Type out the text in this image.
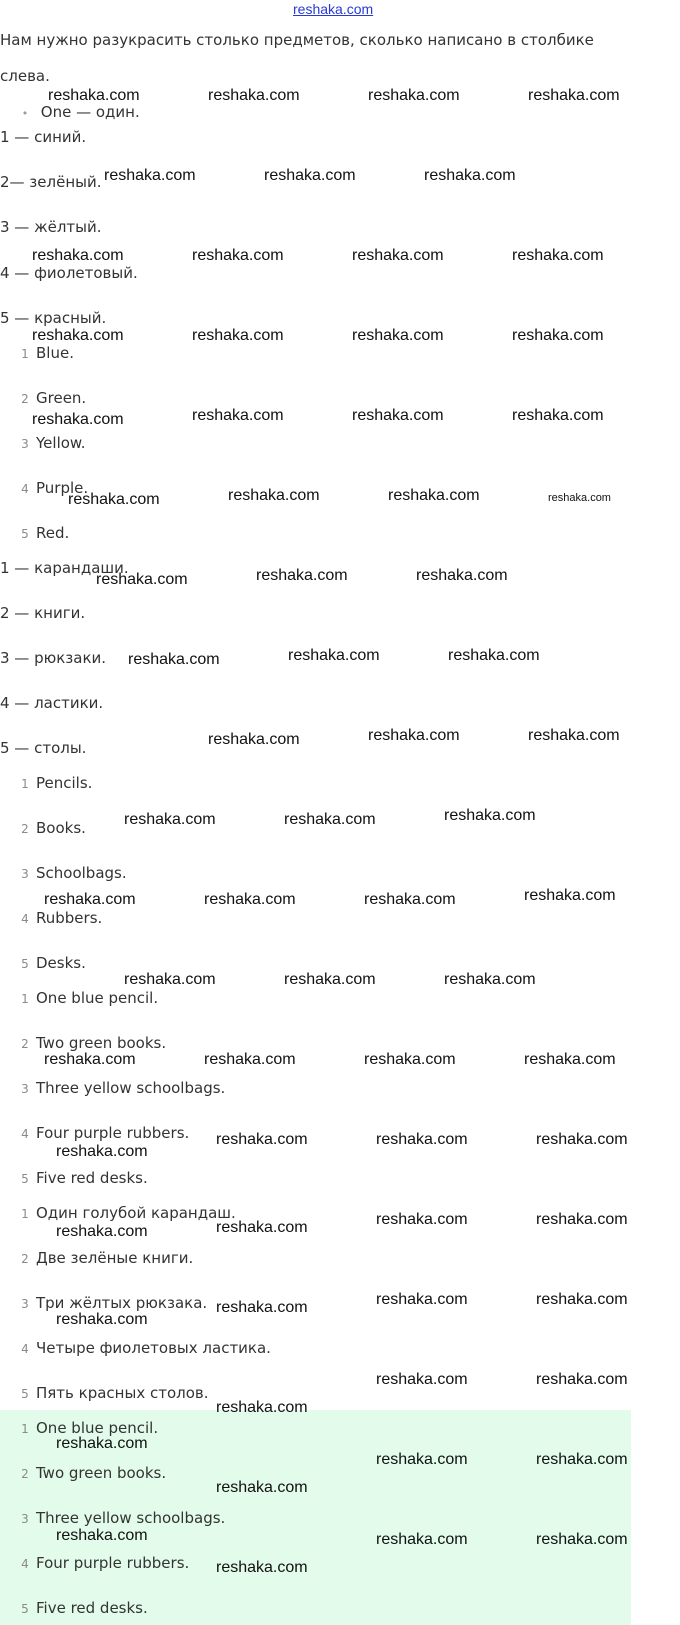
reshaka.com
Нам нужно разукрасить столько предметов, сколько написано в столбике
слева.
• One — один.
1 — синий.
2— зелёный.
3 — жёлтый.
4 — фиолетовый.
5 — красный.
1 Blue.
2 Green.
3 Yellow.
4 Purple.
5 Red.
1 — карандаши.
2 — книги.
3 — рюкзаки.
4 — ластики.
5 — столы.
1 Pencils.
2 Books.
3 Schoolbags.
4 Rubbers.
5 Desks.
1 One blue pencil.
2 Two green books.
3 Three yellow schoolbags.
4 Four purple rubbers.
5 Five red desks.
1 Один голубой карандаш.
2 Две зелёные книги.
3 Три жёлтых рюкзака.
4 Четыре фиолетовых ластика.
5 Пять красных столов.
1 One blue pencil.
2 Two green books.
3 Three yellow schoolbags.
4 Four purple rubbers.
5 Five red desks.
reshaka.com	reshaka.com	reshaka.com	reshaka.com
reshaka.com	reshaka.com	reshaka.com
reshaka.com	reshaka.com	reshaka.com	reshaka.com
reshaka.com	reshaka.com	reshaka.com	reshaka.com
reshaka.com	reshaka.com	reshaka.com	reshaka.com
reshaka.com	reshaka.com	reshaka.com	reshaka.com
reshaka.com	reshaka.com	reshaka.com
reshaka.com	reshaka.com	reshaka.com
reshaka.com	reshaka.com	reshaka.com
reshaka.com	reshaka.com	reshaka.com
reshaka.com	reshaka.com	reshaka.com	reshaka.com
reshaka.com	reshaka.com	reshaka.com
reshaka.com	reshaka.com	reshaka.com	reshaka.com
reshaka.com
reshaka.com	reshaka.com	reshaka.com
reshaka.com	reshaka.com	reshaka.com	reshaka.com
reshaka.com
reshaka.com	reshaka.com	reshaka.com
reshaka.com
reshaka.com	reshaka.com
reshaka.com
reshaka.com
reshaka.com	reshaka.com
reshaka.com
reshaka.com
reshaka.com	reshaka.com
